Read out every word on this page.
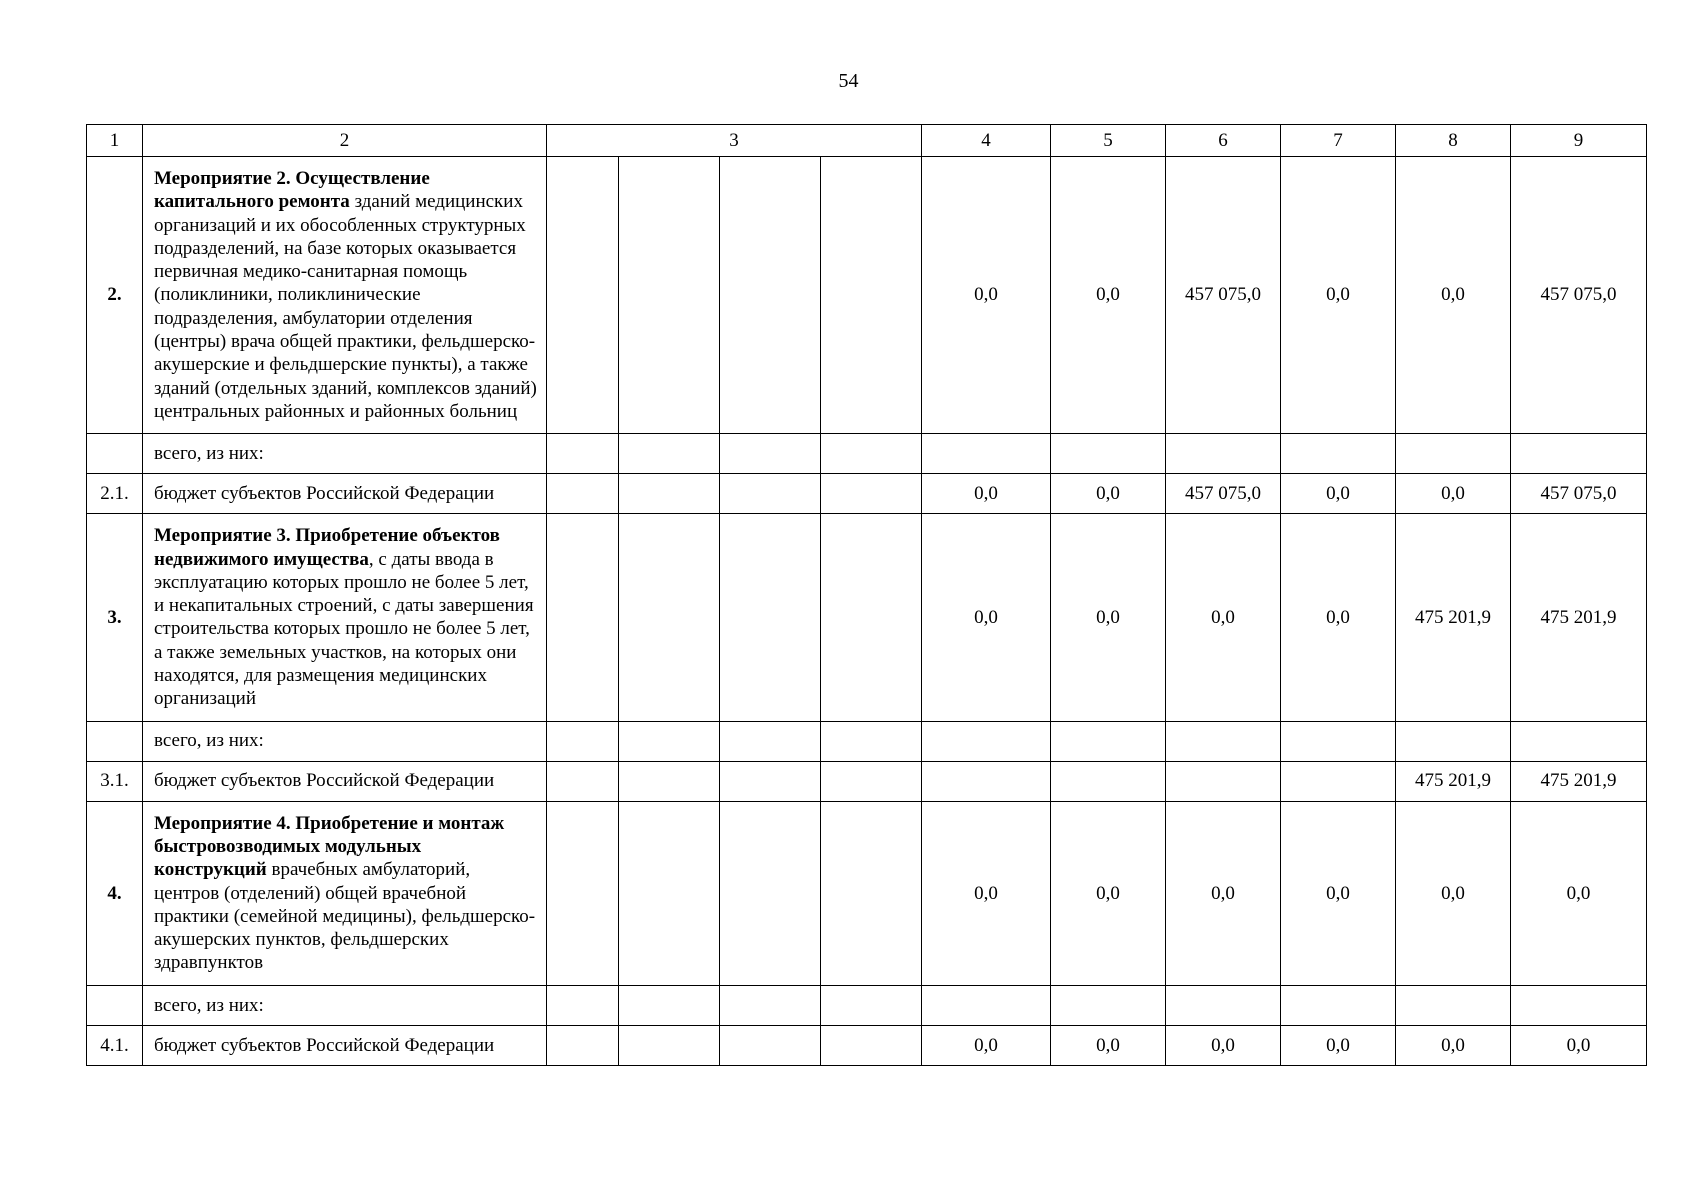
54
1	2	3				4	5	6	7	8	9
2.	Мероприятие 2. Осуществление капитального ремонта зданий медицинских организаций и их обособленных структурных подразделений, на базе которых оказывается первичная медико-санитарная помощь (поликлиники, поликлинические подразделения, амбулатории отделения (центры) врача общей практики, фельдшерско-акушерские и фельдшерские пункты), а также зданий (отдельных зданий, комплексов зданий) центральных районных и районных больниц					0,0	0,0	457 075,0	0,0	0,0	457 075,0
	всего, из них:										
2.1.	бюджет субъектов Российской Федерации					0,0	0,0	457 075,0	0,0	0,0	457 075,0
3.	Мероприятие 3. Приобретение объектов недвижимого имущества, с даты ввода в эксплуатацию которых прошло не более 5 лет, и некапитальных строений, с даты завершения строительства которых прошло не более 5 лет, а также земельных участков, на которых они находятся, для размещения медицинских организаций					0,0	0,0	0,0	0,0	475 201,9	475 201,9
	всего, из них:										
3.1.	бюджет субъектов Российской Федерации									475 201,9	475 201,9
4.	Мероприятие 4. Приобретение и монтаж быстровозводимых модульных конструкций врачебных амбулаторий, центров (отделений) общей врачебной практики (семейной медицины), фельдшерско-акушерских пунктов, фельдшерских здравпунктов					0,0	0,0	0,0	0,0	0,0	0,0
	всего, из них:										
4.1.	бюджет субъектов Российской Федерации					0,0	0,0	0,0	0,0	0,0	0,0
